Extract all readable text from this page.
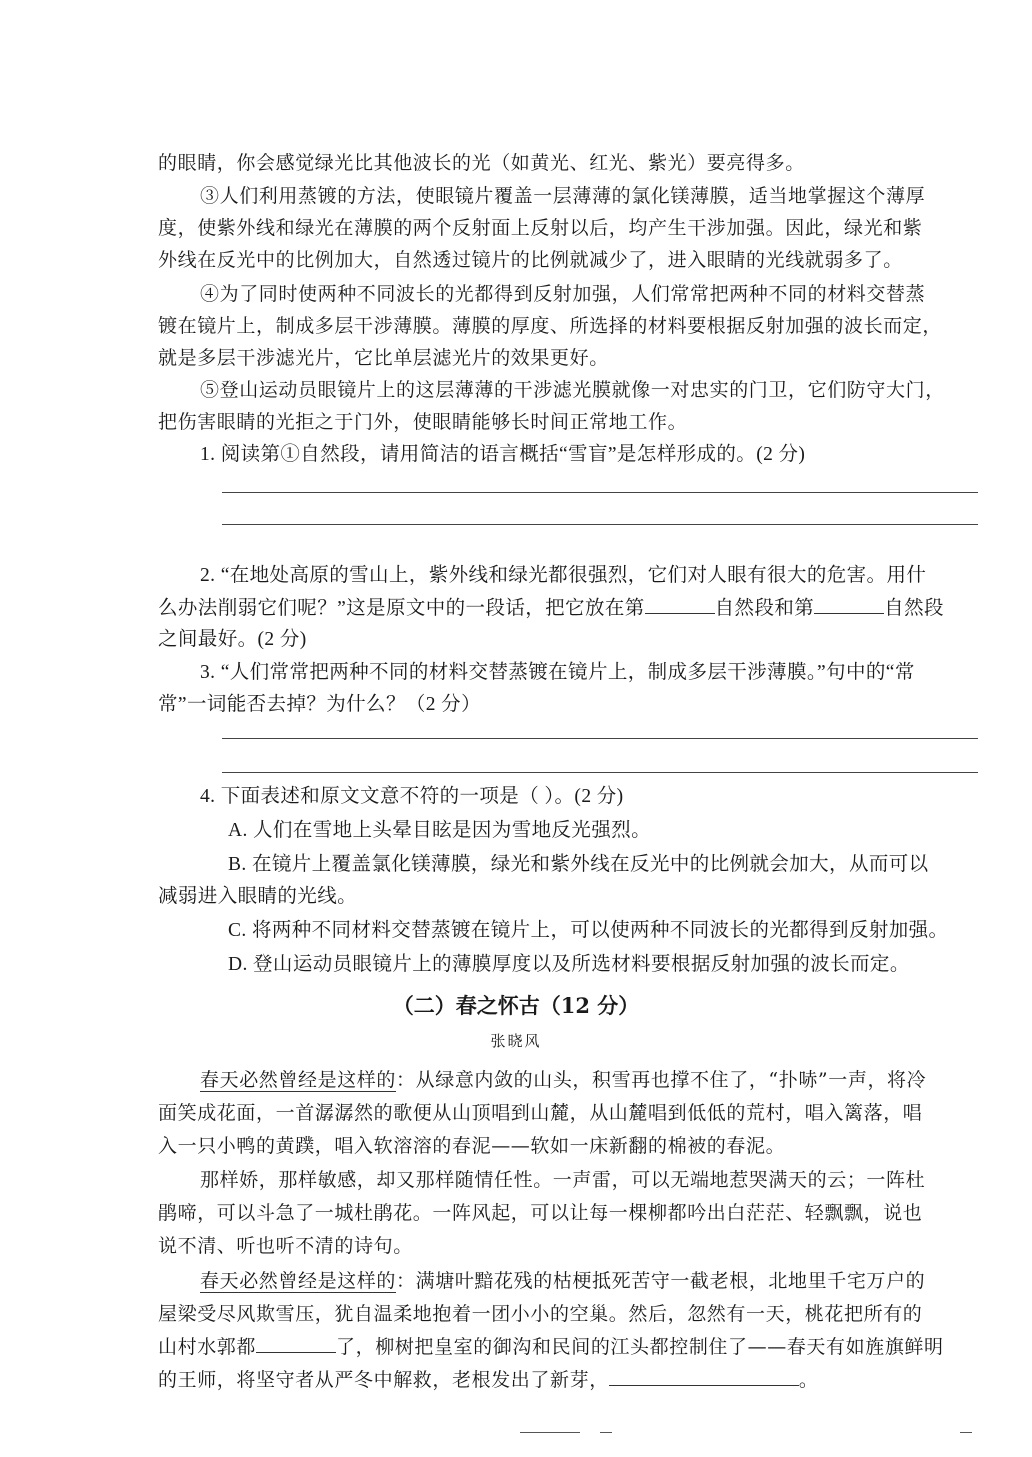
的眼睛，你会感觉绿光比其他波长的光（如黄光、红光、紫光）要亮得多。
③人们利用蒸镀的方法，使眼镜片覆盖一层薄薄的氯化镁薄膜，适当地掌握这个薄厚
度，使紫外线和绿光在薄膜的两个反射面上反射以后，均产生干涉加强。因此，绿光和紫
外线在反光中的比例加大，自然透过镜片的比例就减少了，进入眼睛的光线就弱多了。
④为了同时使两种不同波长的光都得到反射加强，人们常常把两种不同的材料交替蒸
镀在镜片上，制成多层干涉薄膜。薄膜的厚度、所选择的材料要根据反射加强的波长而定，
就是多层干涉滤光片，它比单层滤光片的效果更好。
⑤登山运动员眼镜片上的这层薄薄的干涉滤光膜就像一对忠实的门卫，它们防守大门，
把伤害眼睛的光拒之于门外，使眼睛能够长时间正常地工作。
1. 阅读第①自然段，请用简洁的语言概括“雪盲”是怎样形成的。(2 分)
2. “在地处高原的雪山上，紫外线和绿光都很强烈，它们对人眼有很大的危害。用什
么办法削弱它们呢？”这是原文中的一段话，把它放在第	自然段和第	自然段
之间最好。(2 分)
3. “人们常常把两种不同的材料交替蒸镀在镜片上，制成多层干涉薄膜。”句中的“常
常”一词能否去掉？为什么？（2 分）
4. 下面表述和原文文意不符的一项是（ ）。(2 分)
A. 人们在雪地上头晕目眩是因为雪地反光强烈。
B. 在镜片上覆盖氯化镁薄膜，绿光和紫外线在反光中的比例就会加大，从而可以
减弱进入眼睛的光线。
C. 将两种不同材料交替蒸镀在镜片上，可以使两种不同波长的光都得到反射加强。
D. 登山运动员眼镜片上的薄膜厚度以及所选材料要根据反射加强的波长而定。
（二）春之怀古（12 分）
张晓风
春天必然曾经是这样的：从绿意内敛的山头，积雪再也撑不住了，“扑哧”一声，将冷
面笑成花面，一首潺潺然的歌便从山顶唱到山麓，从山麓唱到低低的荒村，唱入篱落，唱
入一只小鸭的黄蹼，唱入软溶溶的春泥——软如一床新翻的棉被的春泥。
那样娇，那样敏感，却又那样随情任性。一声雷，可以无端地惹哭满天的云；一阵杜
鹃啼，可以斗急了一城杜鹃花。一阵风起，可以让每一棵柳都吟出白茫茫、轻飘飘，说也
说不清、听也听不清的诗句。
春天必然曾经是这样的：满塘叶黯花残的枯梗抵死苦守一截老根，北地里千宅万户的
屋梁受尽风欺雪压，犹自温柔地抱着一团小小的空巢。然后，忽然有一天，桃花把所有的
山村水郭都	了，柳树把皇室的御沟和民间的江头都控制住了——春天有如旌旗鲜明
的王师，将坚守者从严冬中解救，老根发出了新芽，	。
